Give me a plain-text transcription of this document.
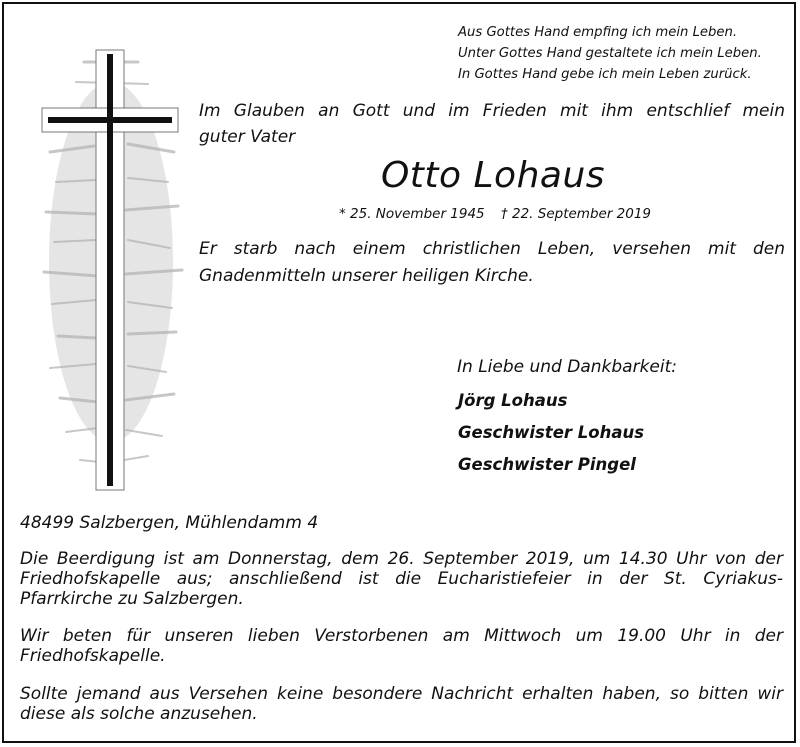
Aus Gottes Hand empfing ich mein Leben.
Unter Gottes Hand gestaltete ich mein Leben.
In Gottes Hand gebe ich mein Leben zurück.
Im Glauben an Gott und im Frieden mit ihm entschlief mein
guter Vater
Otto Lohaus
* 25. November 1945 † 22. September 2019
Er starb nach einem christlichen Leben, versehen mit den
Gnadenmitteln unserer heiligen Kirche.
In Liebe und Dankbarkeit:
Jörg Lohaus
Geschwister Lohaus
Geschwister Pingel
48499 Salzbergen, Mühlendamm 4
Die Beerdigung ist am Donnerstag, dem 26. September 2019, um 14.30 Uhr von der
Friedhofskapelle aus; anschließend ist die Eucharistiefeier in der St. Cyriakus-
Pfarrkirche zu Salzbergen.
Wir beten für unseren lieben Verstorbenen am Mittwoch um 19.00 Uhr in der
Friedhofskapelle.
Sollte jemand aus Versehen keine besondere Nachricht erhalten haben, so bitten wir
diese als solche anzusehen.
